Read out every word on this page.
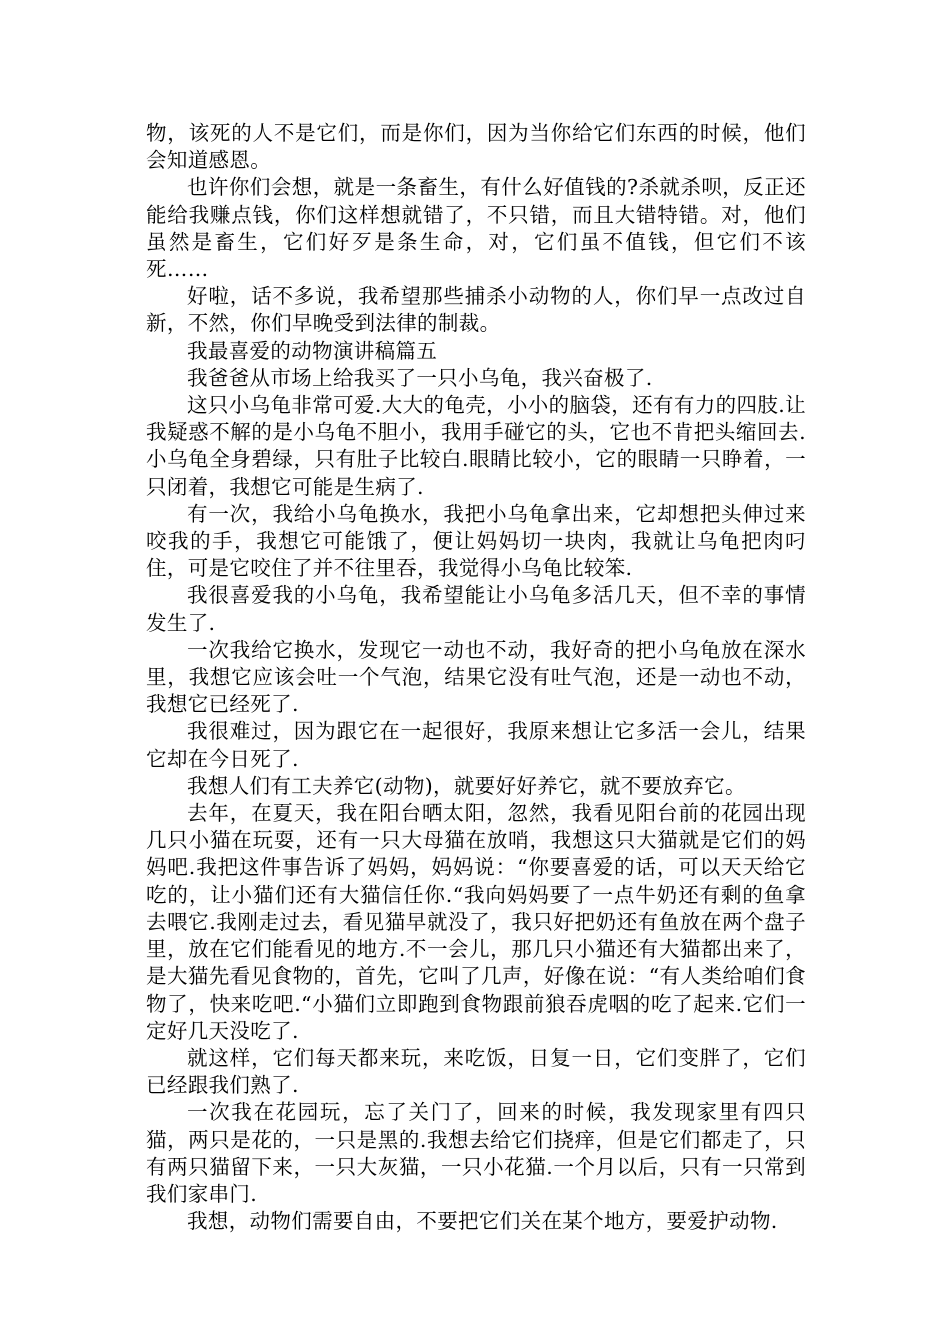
物，该死的人不是它们，而是你们，因为当你给它们东西的时候，他们会知道感恩。

也许你们会想，就是一条畜生，有什么好值钱的?杀就杀呗，反正还能给我赚点钱，你们这样想就错了，不只错，而且大错特错。对，他们虽然是畜生，它们好歹是条生命，对，它们虽不值钱，但它们不该死……

好啦，话不多说，我希望那些捕杀小动物的人，你们早一点改过自新，不然，你们早晚受到法律的制裁。

我最喜爱的动物演讲稿篇五

我爸爸从市场上给我买了一只小乌龟，我兴奋极了.

这只小乌龟非常可爱.大大的龟壳，小小的脑袋，还有有力的四肢.让我疑惑不解的是小乌龟不胆小，我用手碰它的头，它也不肯把头缩回去.小乌龟全身碧绿，只有肚子比较白.眼睛比较小，它的眼睛一只睁着，一只闭着，我想它可能是生病了.

有一次，我给小乌龟换水，我把小乌龟拿出来，它却想把头伸过来咬我的手，我想它可能饿了，便让妈妈切一块肉，我就让乌龟把肉叼住，可是它咬住了并不往里吞，我觉得小乌龟比较笨.

我很喜爱我的小乌龟，我希望能让小乌龟多活几天，但不幸的事情发生了.

一次我给它换水，发现它一动也不动，我好奇的把小乌龟放在深水里，我想它应该会吐一个气泡，结果它没有吐气泡，还是一动也不动，我想它已经死了.

我很难过，因为跟它在一起很好，我原来想让它多活一会儿，结果它却在今日死了.

我想人们有工夫养它(动物)，就要好好养它，就不要放弃它。

去年，在夏天，我在阳台晒太阳，忽然，我看见阳台前的花园出现几只小猫在玩耍，还有一只大母猫在放哨，我想这只大猫就是它们的妈妈吧.我把这件事告诉了妈妈，妈妈说：“你要喜爱的话，可以天天给它吃的，让小猫们还有大猫信任你.“我向妈妈要了一点牛奶还有剩的鱼拿去喂它.我刚走过去，看见猫早就没了，我只好把奶还有鱼放在两个盘子里，放在它们能看见的地方.不一会儿，那几只小猫还有大猫都出来了，是大猫先看见食物的，首先，它叫了几声，好像在说：“有人类给咱们食物了，快来吃吧.“小猫们立即跑到食物跟前狼吞虎咽的吃了起来.它们一定好几天没吃了.

就这样，它们每天都来玩，来吃饭，日复一日，它们变胖了，它们已经跟我们熟了.

一次我在花园玩，忘了关门了，回来的时候，我发现家里有四只猫，两只是花的，一只是黑的.我想去给它们挠痒，但是它们都走了，只有两只猫留下来，一只大灰猫，一只小花猫.一个月以后，只有一只常到我们家串门.

我想，动物们需要自由，不要把它们关在某个地方，要爱护动物.
